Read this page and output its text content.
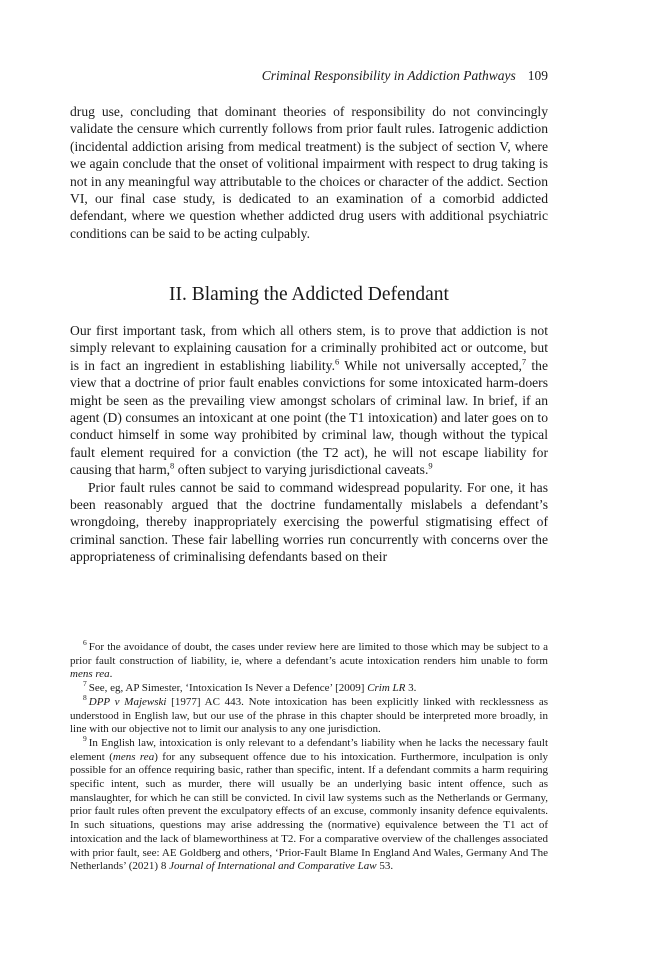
Criminal Responsibility in Addiction Pathways 109

drug use, concluding that dominant theories of responsibility do not convincingly validate the censure which currently follows from prior fault rules. Iatrogenic addiction (incidental addiction arising from medical treatment) is the subject of section V, where we again conclude that the onset of volitional impairment with respect to drug taking is not in any meaningful way attributable to the choices or character of the addict. Section VI, our final case study, is dedicated to an examination of a comorbid addicted defendant, where we question whether addicted drug users with additional psychiatric conditions can be said to be acting culpably.

II. Blaming the Addicted Defendant

Our first important task, from which all others stem, is to prove that addiction is not simply relevant to explaining causation for a criminally prohibited act or outcome, but is in fact an ingredient in establishing liability.$^6$ While not universally accepted,$^7$ the view that a doctrine of prior fault enables convictions for some intoxicated harm-doers might be seen as the prevailing view amongst scholars of criminal law. In brief, if an agent (D) consumes an intoxicant at one point (the T1 intoxication) and later goes on to conduct himself in some way prohibited by criminal law, though without the typical fault element required for a conviction (the T2 act), he will not escape liability for causing that harm,$^8$ often subject to varying jurisdictional caveats.$^9$

Prior fault rules cannot be said to command widespread popularity. For one, it has been reasonably argued that the doctrine fundamentally mislabels a defendant’s wrongdoing, thereby inappropriately exercising the powerful stigmatising effect of criminal sanction. These fair labelling worries run concurrently with concerns over the appropriateness of criminalising defendants based on their

$^6$ For the avoidance of doubt, the cases under review here are limited to those which may be subject to a prior fault construction of liability, ie, where a defendant’s acute intoxication renders him unable to form mens rea.

$^7$ See, eg, AP Simester, ‘Intoxication Is Never a Defence’ [2009] Crim LR 3.

$^8$ DPP v Majewski [1977] AC 443. Note intoxication has been explicitly linked with recklessness as understood in English law, but our use of the phrase in this chapter should be interpreted more broadly, in line with our objective not to limit our analysis to any one jurisdiction.

$^9$ In English law, intoxication is only relevant to a defendant’s liability when he lacks the necessary fault element (mens rea) for any subsequent offence due to his intoxication. Furthermore, inculpation is only possible for an offence requiring basic, rather than specific, intent. If a defendant commits a harm requiring specific intent, such as murder, there will usually be an underlying basic intent offence, such as manslaughter, for which he can still be convicted. In civil law systems such as the Netherlands or Germany, prior fault rules often prevent the exculpatory effects of an excuse, commonly insanity defence equivalents. In such situations, questions may arise addressing the (normative) equivalence between the T1 act of intoxication and the lack of blameworthiness at T2. For a comparative overview of the challenges associated with prior fault, see: AE Goldberg and others, ‘Prior-Fault Blame In England And Wales, Germany And The Netherlands’ (2021) 8 Journal of International and Comparative Law 53.
